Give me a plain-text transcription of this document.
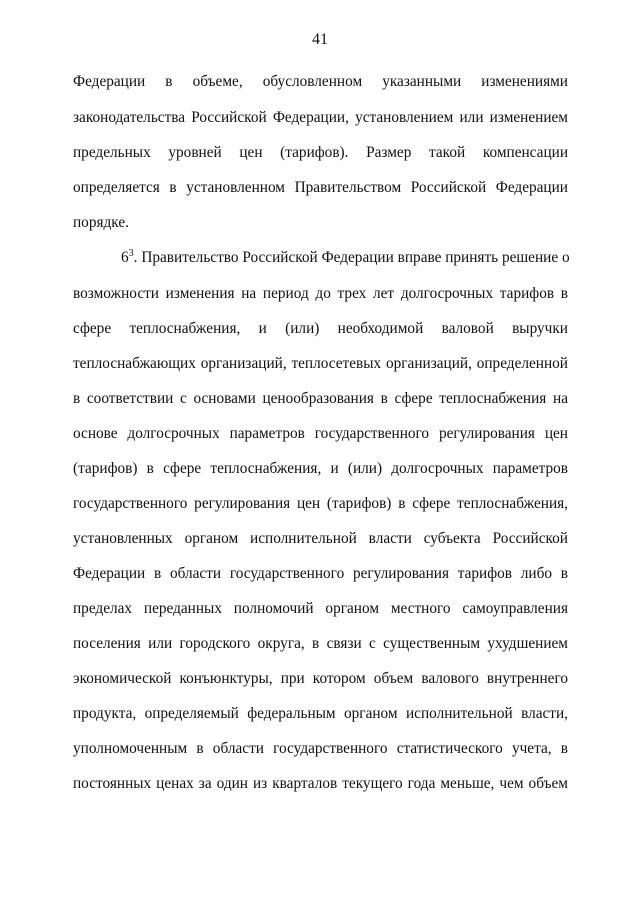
41
Федерации в объеме, обусловленном указанными изменениями
законодательства Российской Федерации, установлением или изменением
предельных уровней цен (тарифов). Размер такой компенсации
определяется в установленном Правительством Российской Федерации
порядке.
$6^3$. Правительство Российской Федерации вправе принять решение о
возможности изменения на период до трех лет долгосрочных тарифов в
сфере теплоснабжения, и (или) необходимой валовой выручки
теплоснабжающих организаций, теплосетевых организаций, определенной
в соответствии с основами ценообразования в сфере теплоснабжения на
основе долгосрочных параметров государственного регулирования цен
(тарифов) в сфере теплоснабжения, и (или) долгосрочных параметров
государственного регулирования цен (тарифов) в сфере теплоснабжения,
установленных органом исполнительной власти субъекта Российской
Федерации в области государственного регулирования тарифов либо в
пределах переданных полномочий органом местного самоуправления
поселения или городского округа, в связи с существенным ухудшением
экономической конъюнктуры, при котором объем валового внутреннего
продукта, определяемый федеральным органом исполнительной власти,
уполномоченным в области государственного статистического учета, в
постоянных ценах за один из кварталов текущего года меньше, чем объем
